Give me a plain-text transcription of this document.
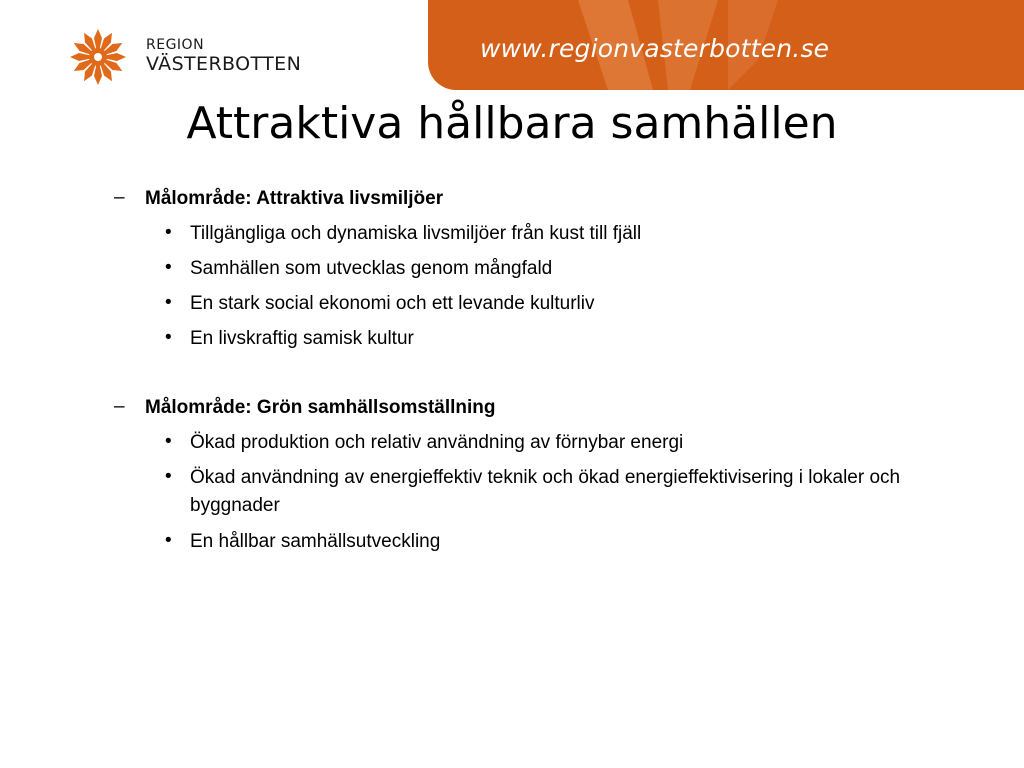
www.regionvasterbotten.se
REGION
VÄSTERBOTTEN
Attraktiva hållbara samhällen
– Målområde: Attraktiva livsmiljöer
• Tillgängliga och dynamiska livsmiljöer från kust till fjäll
• Samhällen som utvecklas genom mångfald
• En stark social ekonomi och ett levande kulturliv
• En livskraftig samisk kultur
– Målområde: Grön samhällsomställning
• Ökad produktion och relativ användning av förnybar energi
• Ökad användning av energieffektiv teknik och ökad energieffektivisering i lokaler och byggnader
• En hållbar samhällsutveckling
